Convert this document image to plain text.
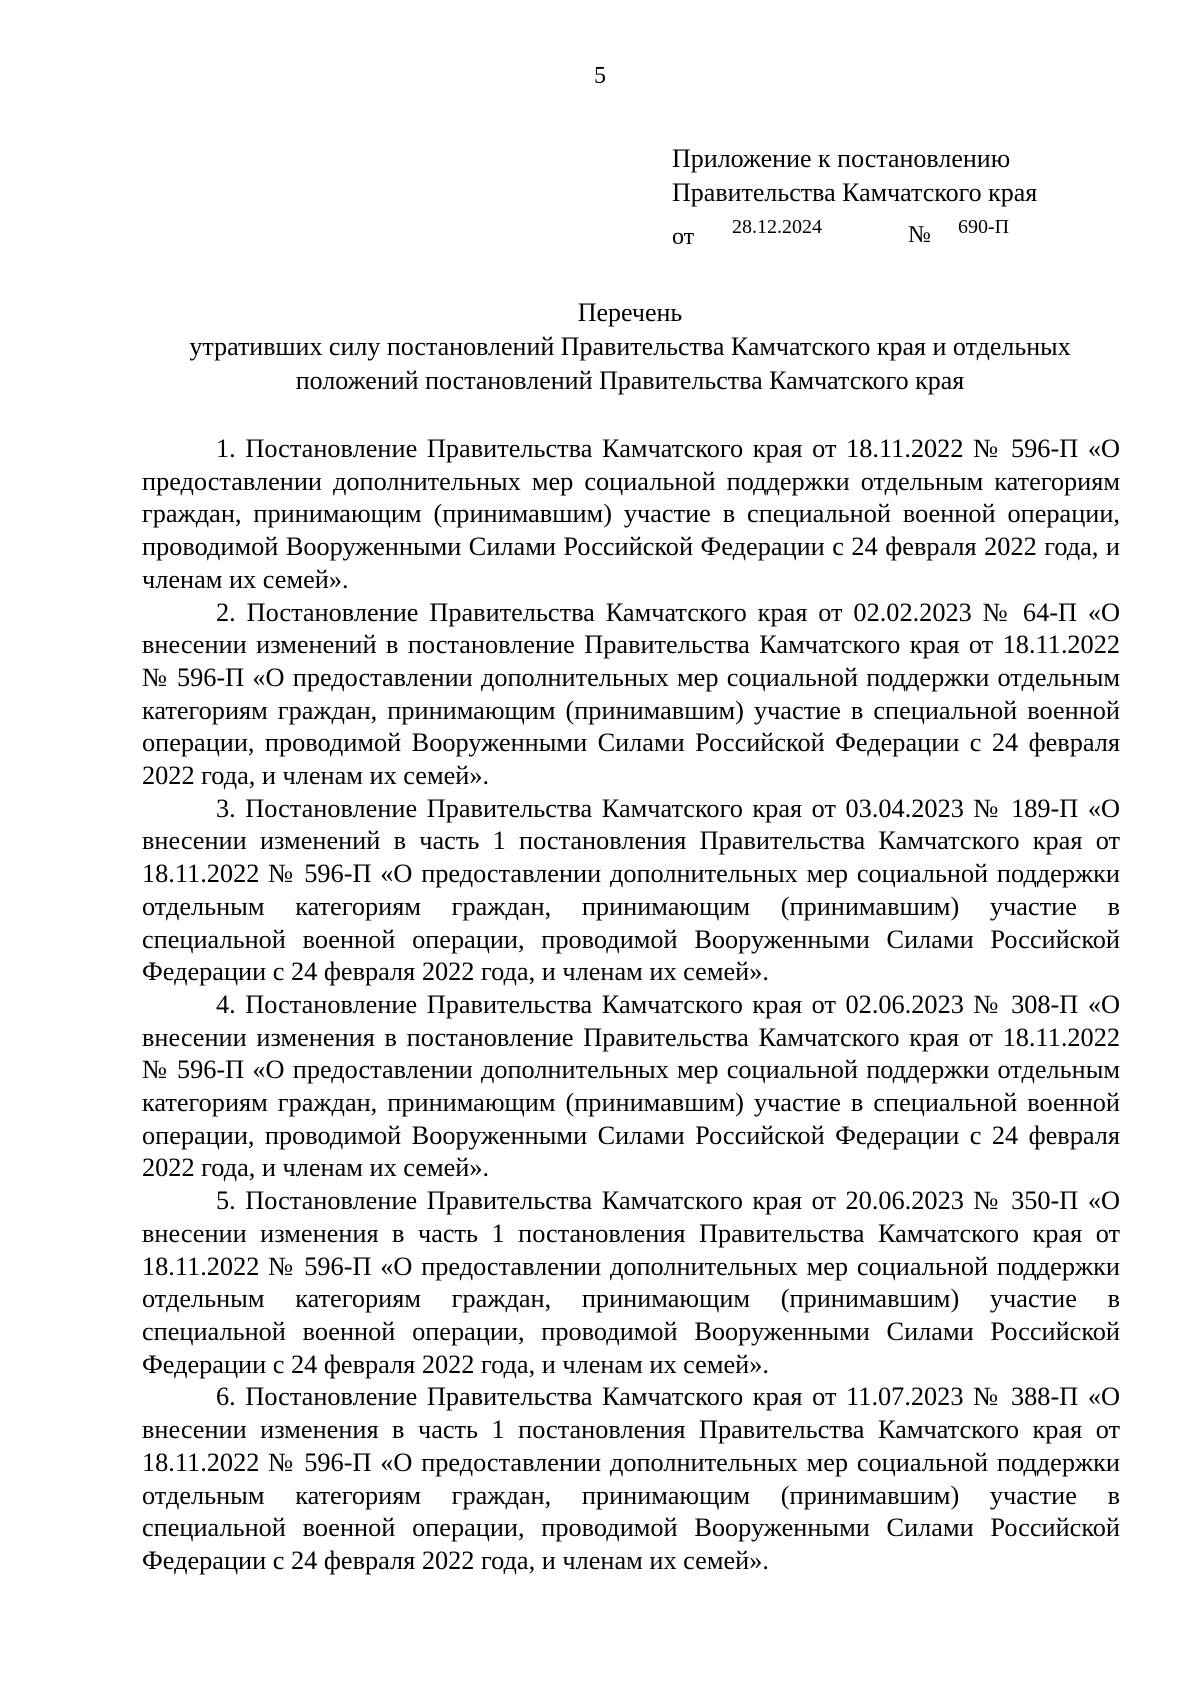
5
Приложение к постановлению
Правительства Камчатского края
от 28.12.2024	№ 690-П
Перечень
утративших силу постановлений Правительства Камчатского края и отдельных
положений постановлений Правительства Камчатского края

1. Постановление Правительства Камчатского края от 18.11.2022 № 596-П «О предоставлении дополнительных мер социальной поддержки отдельным категориям граждан, принимающим (принимавшим) участие в специальной военной операции, проводимой Вооруженными Силами Российской Федерации с 24 февраля 2022 года, и членам их семей».

2. Постановление Правительства Камчатского края от 02.02.2023 № 64-П «О внесении изменений в постановление Правительства Камчатского края от 18.11.2022 № 596-П «О предоставлении дополнительных мер социальной поддержки отдельным категориям граждан, принимающим (принимавшим) участие в специальной военной операции, проводимой Вооруженными Силами Российской Федерации с 24 февраля 2022 года, и членам их семей».

3. Постановление Правительства Камчатского края от 03.04.2023 № 189-П «О внесении изменений в часть 1 постановления Правительства Камчатского края от 18.11.2022 № 596-П «О предоставлении дополнительных мер социальной поддержки отдельным категориям граждан, принимающим (принимавшим) участие в специальной военной операции, проводимой Вооруженными Силами Российской Федерации с 24 февраля 2022 года, и членам их семей».

4. Постановление Правительства Камчатского края от 02.06.2023 № 308-П «О внесении изменения в постановление Правительства Камчатского края от 18.11.2022 № 596-П «О предоставлении дополнительных мер социальной поддержки отдельным категориям граждан, принимающим (принимавшим) участие в специальной военной операции, проводимой Вооруженными Силами Российской Федерации с 24 февраля 2022 года, и членам их семей».

5. Постановление Правительства Камчатского края от 20.06.2023 № 350-П «О внесении изменения в часть 1 постановления Правительства Камчатского края от 18.11.2022 № 596-П «О предоставлении дополнительных мер социальной поддержки отдельным категориям граждан, принимающим (принимавшим) участие в специальной военной операции, проводимой Вооруженными Силами Российской Федерации с 24 февраля 2022 года, и членам их семей».

6. Постановление Правительства Камчатского края от 11.07.2023 № 388-П «О внесении изменения в часть 1 постановления Правительства Камчатского края от 18.11.2022 № 596-П «О предоставлении дополнительных мер социальной поддержки отдельным категориям граждан, принимающим (принимавшим) участие в специальной военной операции, проводимой Вооруженными Силами Российской Федерации с 24 февраля 2022 года, и членам их семей».
